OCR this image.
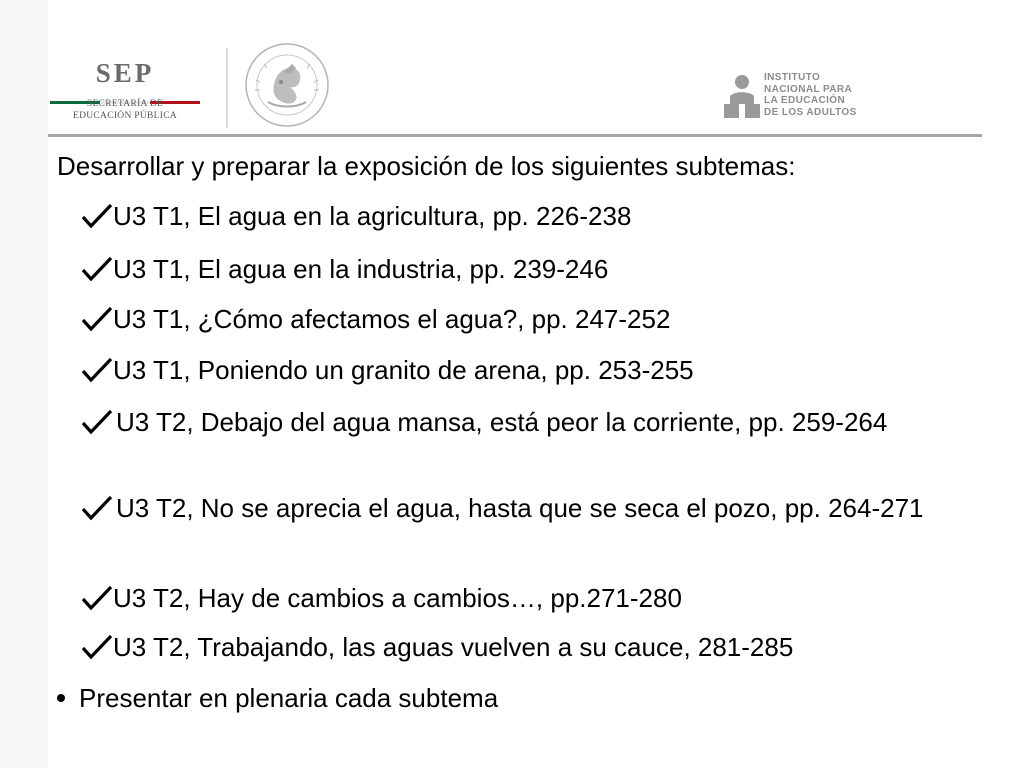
SEP
SECRETARÍA DE
EDUCACIÓN PÚBLICA
INSTITUTO
NACIONAL PARA
LA EDUCACIÓN
DE LOS ADULTOS
Desarrollar y preparar la exposición de los siguientes subtemas:
U3 T1, El agua en la agricultura, pp. 226-238
U3 T1, El agua en la industria, pp. 239-246
U3 T1, ¿Cómo afectamos el agua?, pp. 247-252
U3 T1, Poniendo un granito de arena, pp. 253-255
U3 T2, Debajo del agua mansa, está peor la corriente, pp. 259-264
U3 T2, No se aprecia el agua, hasta que se seca el pozo, pp. 264-271
U3 T2, Hay de cambios a cambios…, pp.271-280
U3 T2, Trabajando, las aguas vuelven a su cauce, 281-285
Presentar en plenaria cada subtema
